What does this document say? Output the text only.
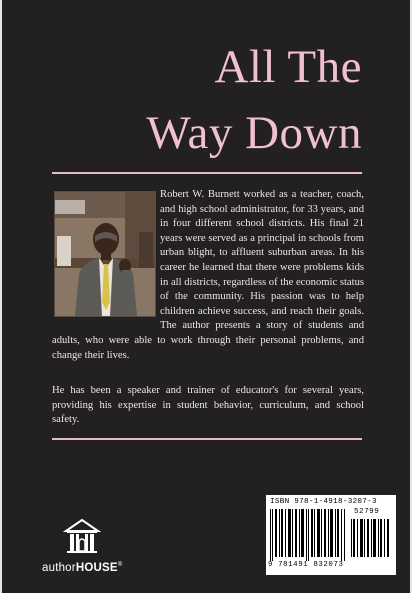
All The
Way Down

Robert W. Burnett worked as a teacher, coach, and high school administrator, for 33 years, and in four different school districts. His final 21 years were served as a principal in schools from urban blight, to affluent suburban areas. In his career he learned that there were problems kids in all districts, regardless of the economic status of the community. His passion was to help children achieve success, and reach their goals. The author presents a story of students and adults, who were able to work through their personal problems, and change their lives.

He has been a speaker and trainer of educator's for several years, providing his expertise in student behavior, curriculum, and school safety.

authorHOUSE®
ISBN 978-1-4918-3207-3
52799
9 781491 832073
